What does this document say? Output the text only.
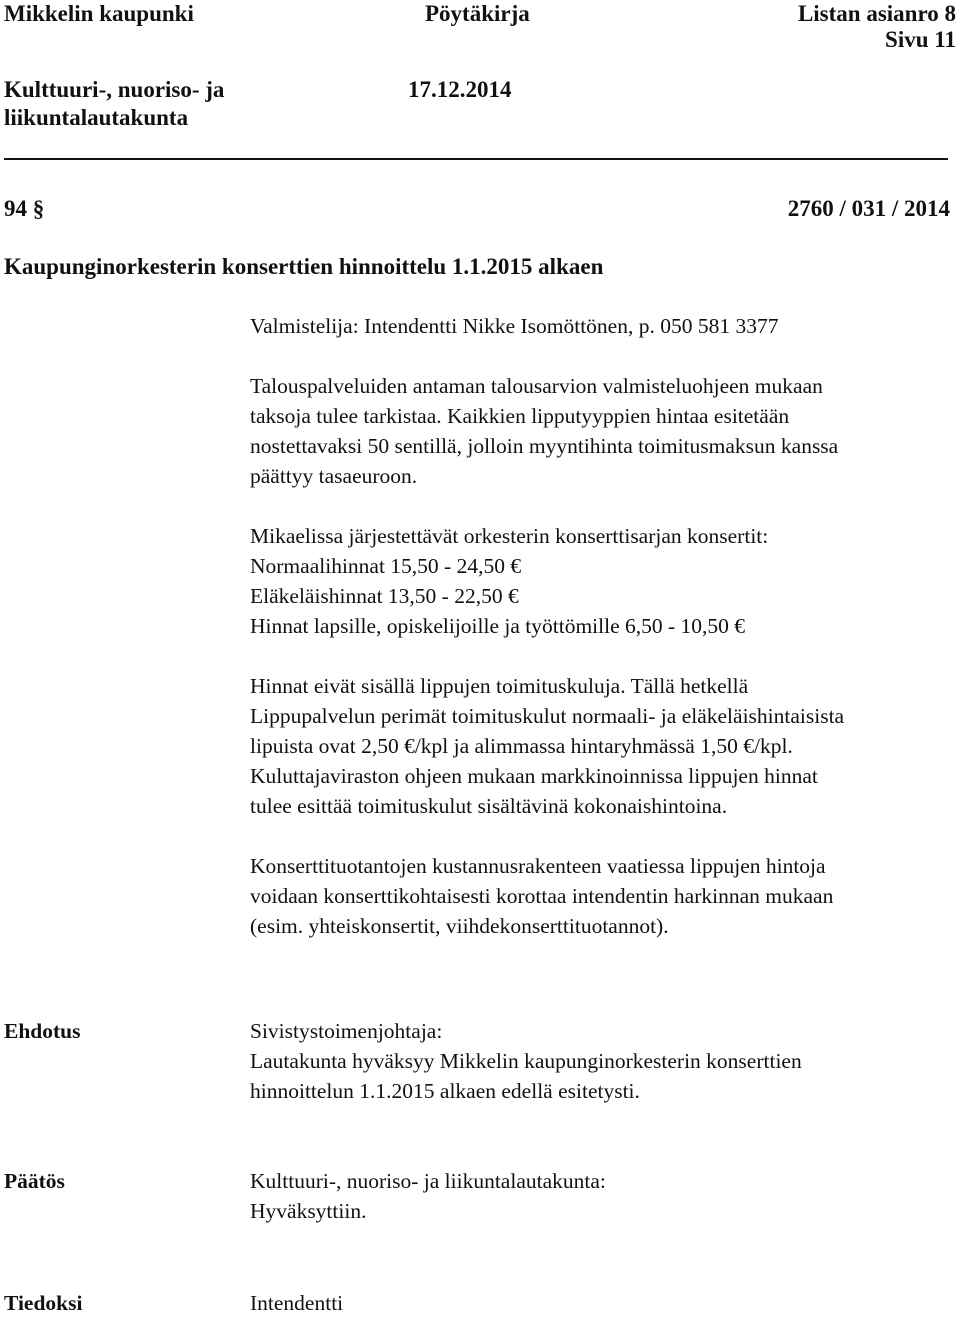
Mikkelin kaupunki	Pöytäkirja	Listan asianro 8
Sivu 11
Kulttuuri-, nuoriso- ja
liikuntalautakunta
17.12.2014
94 §	2760 / 031 / 2014
Kaupunginorkesterin konserttien hinnoittelu 1.1.2015 alkaen
Valmistelija: Intendentti Nikke Isomöttönen, p. 050 581 3377
Talouspalveluiden antaman talousarvion valmisteluohjeen mukaan
taksoja tulee tarkistaa. Kaikkien lipputyyppien hintaa esitetään
nostettavaksi 50 sentillä, jolloin myyntihinta toimitusmaksun kanssa
päättyy tasaeuroon.
Mikaelissa järjestettävät orkesterin konserttisarjan konsertit:
Normaalihinnat 15,50 - 24,50 €
Eläkeläishinnat 13,50 - 22,50 €
Hinnat lapsille, opiskelijoille ja työttömille 6,50 - 10,50 €
Hinnat eivät sisällä lippujen toimituskuluja. Tällä hetkellä
Lippupalvelun perimät toimituskulut normaali- ja eläkeläishintaisista
lipuista ovat 2,50 €/kpl ja alimmassa hintaryhmässä 1,50 €/kpl.
Kuluttajaviraston ohjeen mukaan markkinoinnissa lippujen hinnat
tulee esittää toimituskulut sisältävinä kokonaishintoina.
Konserttituotantojen kustannusrakenteen vaatiessa lippujen hintoja
voidaan konserttikohtaisesti korottaa intendentin harkinnan mukaan
(esim. yhteiskonsertit, viihdekonserttituotannot).
Ehdotus	Sivistystoimenjohtaja:
Lautakunta hyväksyy Mikkelin kaupunginorkesterin konserttien
hinnoittelun 1.1.2015 alkaen edellä esitetysti.
Päätös	Kulttuuri-, nuoriso- ja liikuntalautakunta:
Hyväksyttiin.
Tiedoksi	Intendentti
